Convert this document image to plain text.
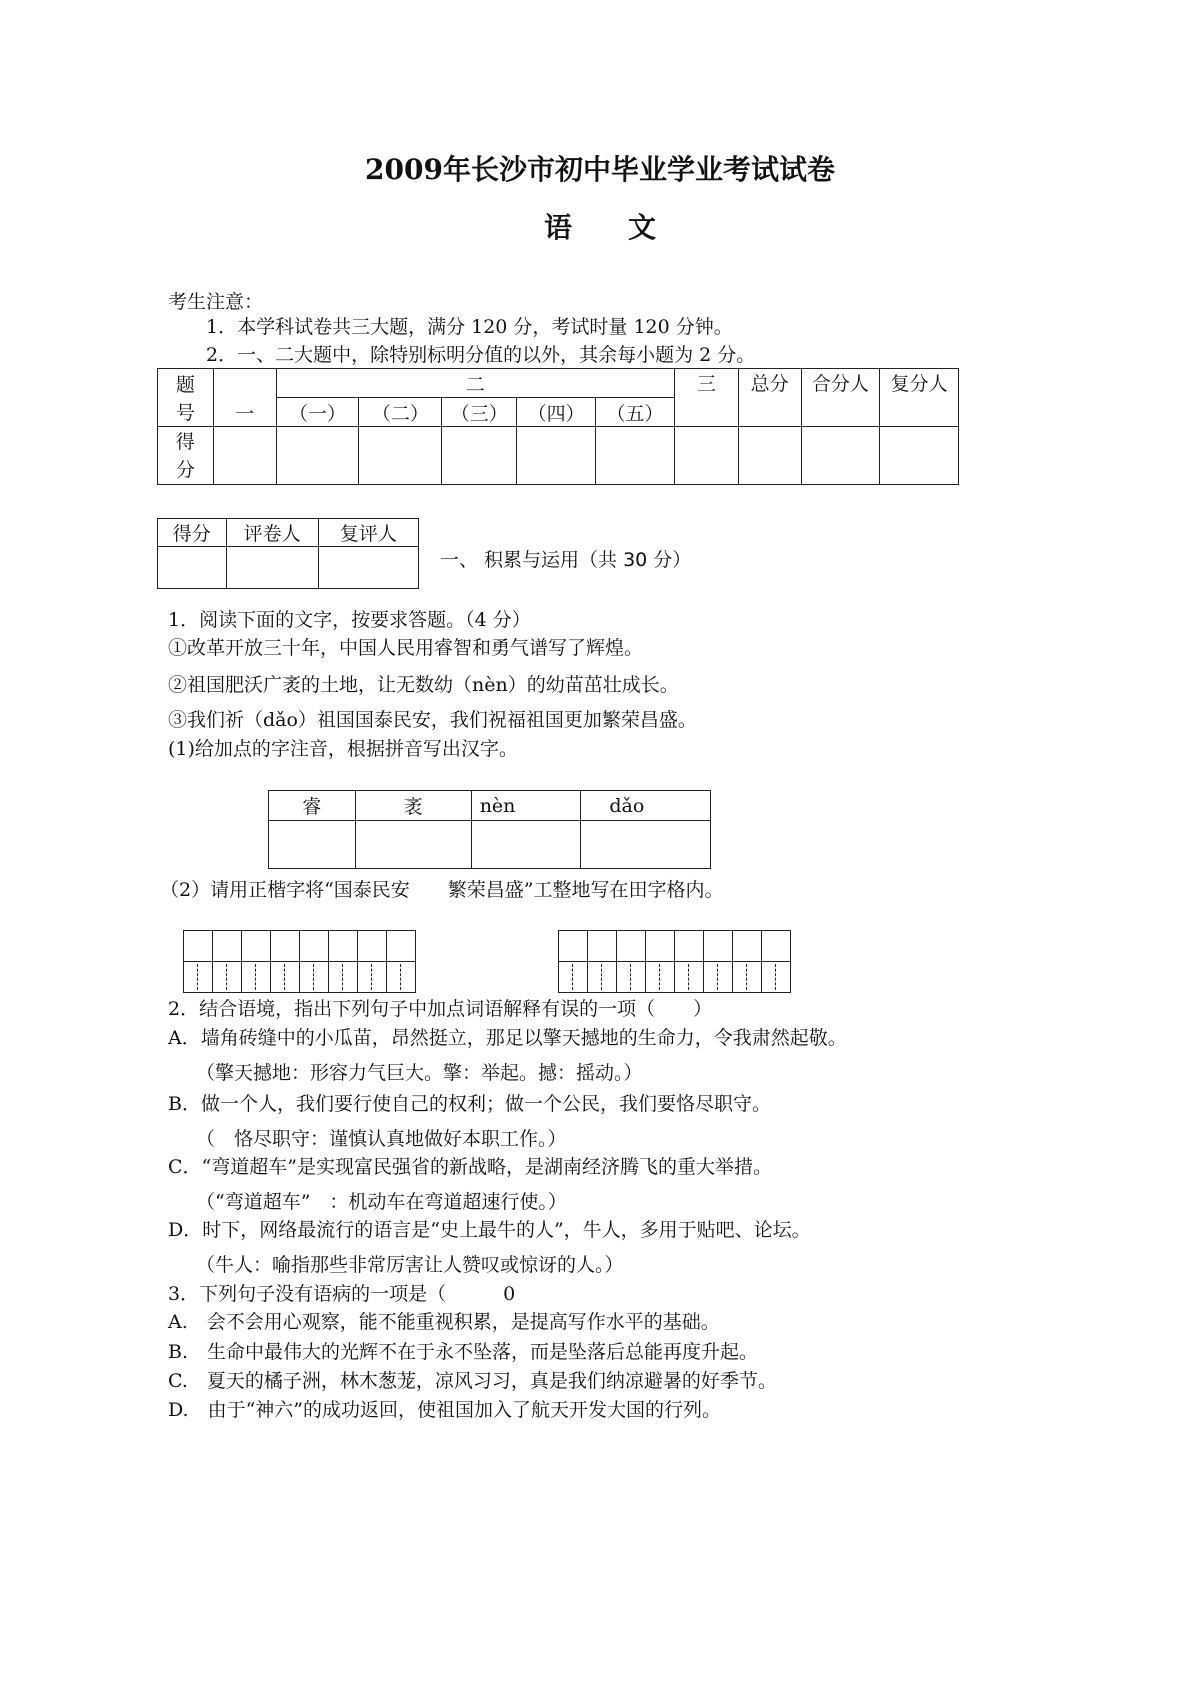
2009年长沙市初中毕业学业考试试卷
语　　文
考生注意：
1．本学科试卷共三大题，满分 120 分，考试时量 120 分钟。
2．一、二大题中，除特别标明分值的以外，其余每小题为 2 分。
题	一	二					三	总分	合分人	复分人
号		（一）	（二）	（三）	（四）	（五）				
得
分										
得分	评卷人	复评人

一、 积累与运用（共 30 分）
1．阅读下面的文字，按要求答题。（4 分）
①改革开放三十年，中国人民用睿智和勇气谱写了辉煌。
②祖国肥沃广袤的土地，让无数幼（nèn）的幼苗茁壮成长。
③我们祈（dǎo）祖国国泰民安，我们祝福祖国更加繁荣昌盛。
(1)给加点的字注音，根据拼音写出汉字。
睿	袤	nèn	dǎo

（2）请用正楷字将“国泰民安　　繁荣昌盛”工整地写在田字格内。

2．结合语境，指出下列句子中加点词语解释有误的一项（　　）
A．墙角砖缝中的小瓜苗，昂然挺立，那足以擎天撼地的生命力，令我肃然起敬。
（擎天撼地：形容力气巨大。擎：举起。撼：摇动。）
B．做一个人，我们要行使自己的权利；做一个公民，我们要恪尽职守。
（　恪尽职守：谨慎认真地做好本职工作。）
C．“弯道超车”是实现富民强省的新战略，是湖南经济腾飞的重大举措。
（“弯道超车”　：机动车在弯道超速行使。）
D．时下，网络最流行的语言是“史上最牛的人”，牛人，多用于贴吧、论坛。
（牛人：喻指那些非常厉害让人赞叹或惊讶的人。）
3．下列句子没有语病的一项是（　　　0
A.　会不会用心观察，能不能重视积累，是提高写作水平的基础。
B.　生命中最伟大的光辉不在于永不坠落，而是坠落后总能再度升起。
C.　夏天的橘子洲，林木葱茏，凉风习习，真是我们纳凉避暑的好季节。
D.　由于“神六”的成功返回，使祖国加入了航天开发大国的行列。
